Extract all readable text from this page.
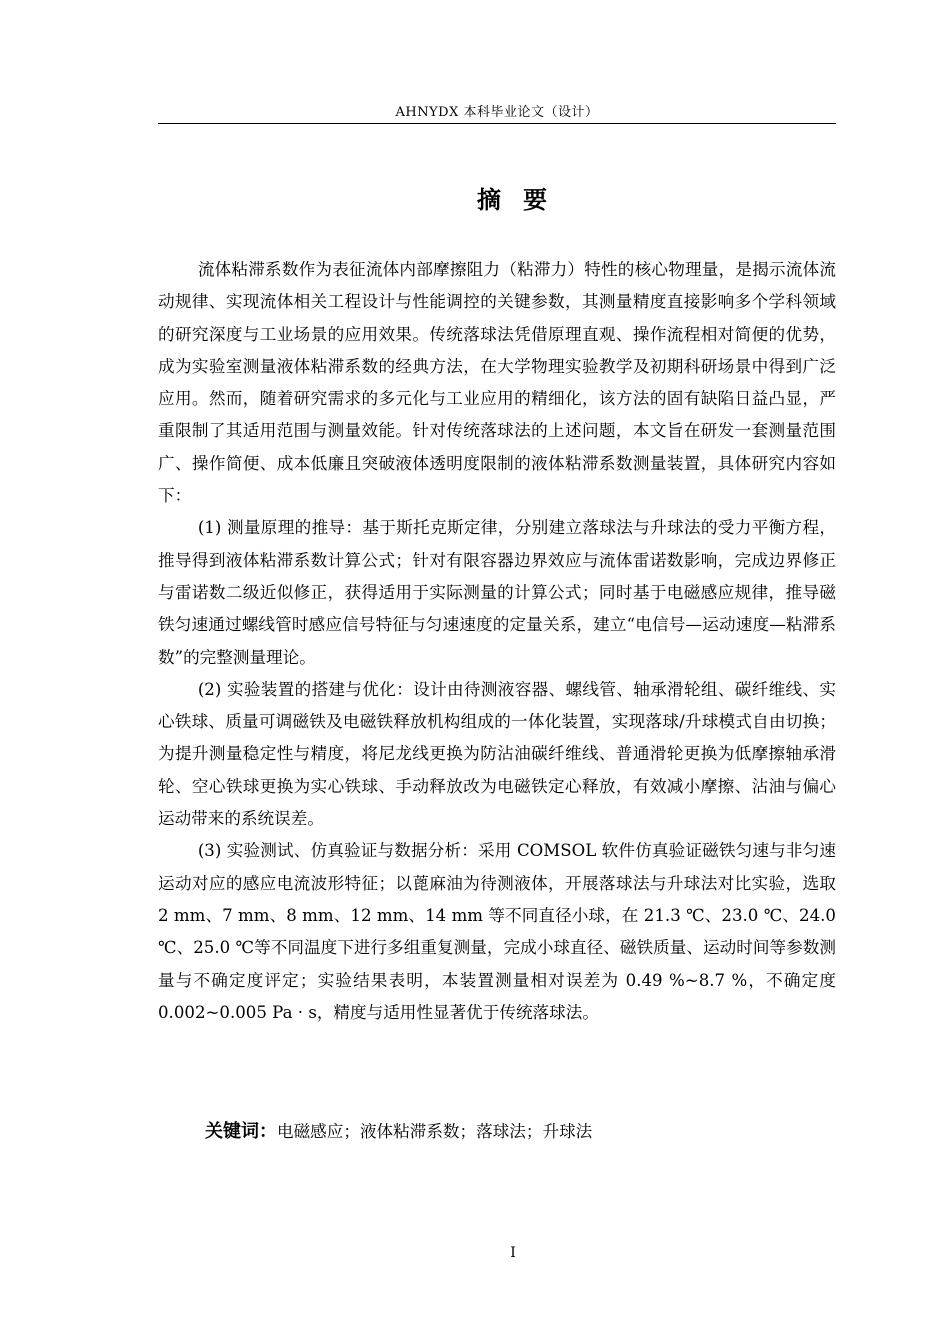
AHNYDX 本科毕业论文（设计）
摘要

流体粘滞系数作为表征流体内部摩擦阻力（粘滞力）特性的核心物理量，是揭示流体流动规律、实现流体相关工程设计与性能调控的关键参数，其测量精度直接影响多个学科领域的研究深度与工业场景的应用效果。传统落球法凭借原理直观、操作流程相对简便的优势，成为实验室测量液体粘滞系数的经典方法，在大学物理实验教学及初期科研场景中得到广泛应用。然而，随着研究需求的多元化与工业应用的精细化，该方法的固有缺陷日益凸显，严重限制了其适用范围与测量效能。针对传统落球法的上述问题，本文旨在研发一套测量范围广、操作简便、成本低廉且突破液体透明度限制的液体粘滞系数测量装置，具体研究内容如下：

(1) 测量原理的推导：基于斯托克斯定律，分别建立落球法与升球法的受力平衡方程，推导得到液体粘滞系数计算公式；针对有限容器边界效应与流体雷诺数影响，完成边界修正与雷诺数二级近似修正，获得适用于实际测量的计算公式；同时基于电磁感应规律，推导磁铁匀速通过螺线管时感应信号特征与匀速速度的定量关系，建立“电信号—运动速度—粘滞系数”的完整测量理论。

(2) 实验装置的搭建与优化：设计由待测液容器、螺线管、轴承滑轮组、碳纤维线、实心铁球、质量可调磁铁及电磁铁释放机构组成的一体化装置，实现落球/升球模式自由切换；为提升测量稳定性与精度，将尼龙线更换为防沾油碳纤维线、普通滑轮更换为低摩擦轴承滑轮、空心铁球更换为实心铁球、手动释放改为电磁铁定心释放，有效减小摩擦、沾油与偏心运动带来的系统误差。

(3) 实验测试、仿真验证与数据分析：采用 COMSOL 软件仿真验证磁铁匀速与非匀速运动对应的感应电流波形特征；以蓖麻油为待测液体，开展落球法与升球法对比实验，选取 2 mm、7 mm、8 mm、12 mm、14 mm 等不同直径小球，在 21.3 ℃、23.0 ℃、24.0 ℃、25.0 ℃等不同温度下进行多组重复测量，完成小球直径、磁铁质量、运动时间等参数测量与不确定度评定；实验结果表明，本装置测量相对误差为 0.49 %~8.7 %，不确定度 0.002~0.005 Pa · s，精度与适用性显著优于传统落球法。

关键词：电磁感应；液体粘滞系数；落球法；升球法
I
